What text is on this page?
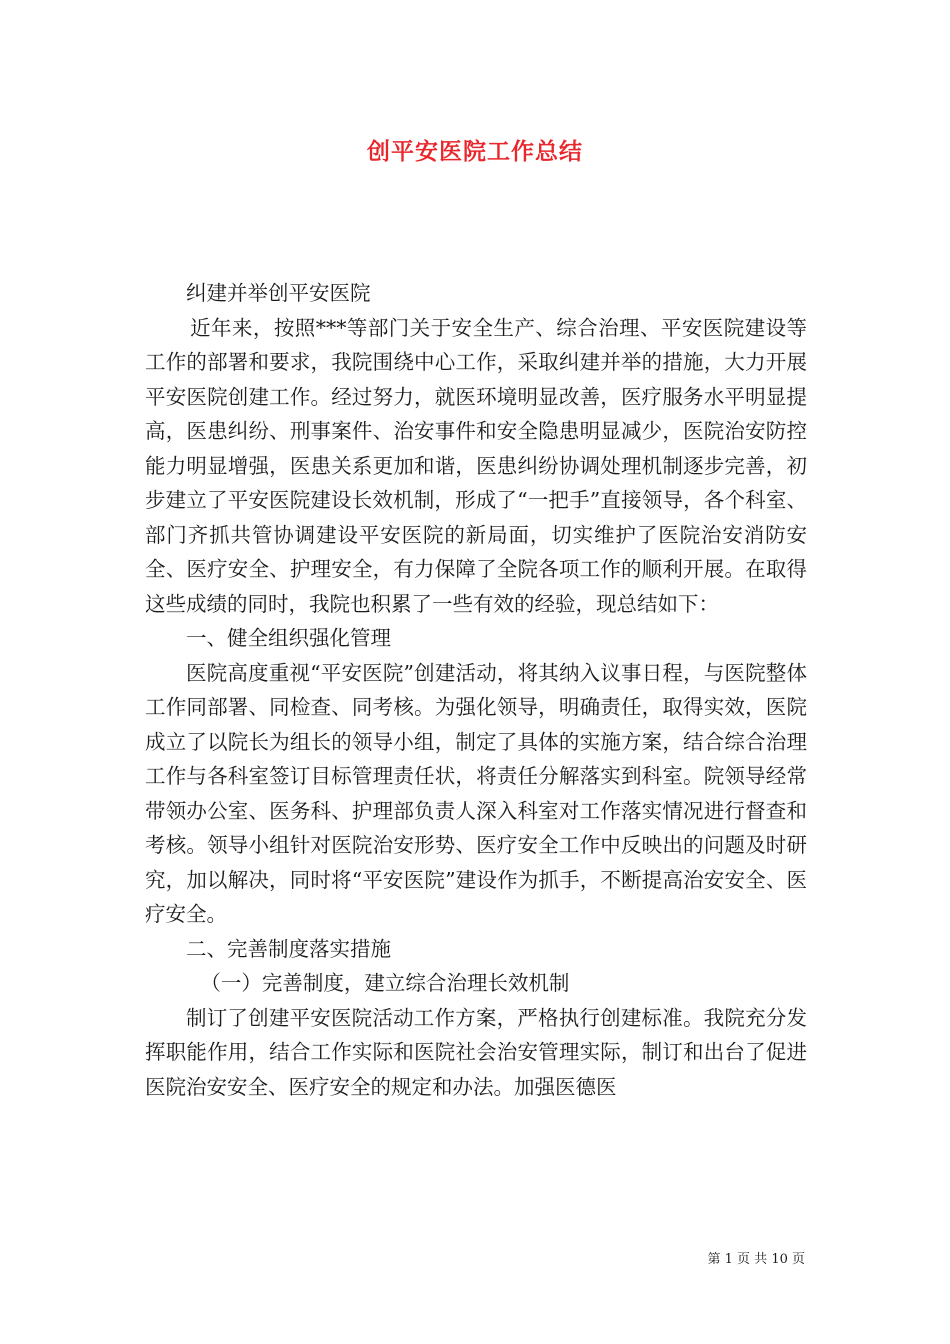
创平安医院工作总结

纠建并举创平安医院

近年来，按照***等部门关于安全生产、综合治理、平安医院建设等工作的部署和要求，我院围绕中心工作，采取纠建并举的措施，大力开展平安医院创建工作。经过努力，就医环境明显改善，医疗服务水平明显提高，医患纠纷、刑事案件、治安事件和安全隐患明显减少，医院治安防控能力明显增强，医患关系更加和谐，医患纠纷协调处理机制逐步完善，初步建立了平安医院建设长效机制，形成了“一把手”直接领导，各个科室、部门齐抓共管协调建设平安医院的新局面，切实维护了医院治安消防安全、医疗安全、护理安全，有力保障了全院各项工作的顺利开展。在取得这些成绩的同时，我院也积累了一些有效的经验，现总结如下：

一、健全组织强化管理

医院高度重视“平安医院”创建活动，将其纳入议事日程，与医院整体工作同部署、同检查、同考核。为强化领导，明确责任，取得实效，医院成立了以院长为组长的领导小组，制定了具体的实施方案，结合综合治理工作与各科室签订目标管理责任状，将责任分解落实到科室。院领导经常带领办公室、医务科、护理部负责人深入科室对工作落实情况进行督查和考核。领导小组针对医院治安形势、医疗安全工作中反映出的问题及时研究，加以解决，同时将“平安医院”建设作为抓手，不断提高治安安全、医疗安全。

二、完善制度落实措施

（一）完善制度，建立综合治理长效机制

制订了创建平安医院活动工作方案，严格执行创建标准。我院充分发挥职能作用，结合工作实际和医院社会治安管理实际，制订和出台了促进医院治安安全、医疗安全的规定和办法。加强医德医

第 1 页 共 10 页
